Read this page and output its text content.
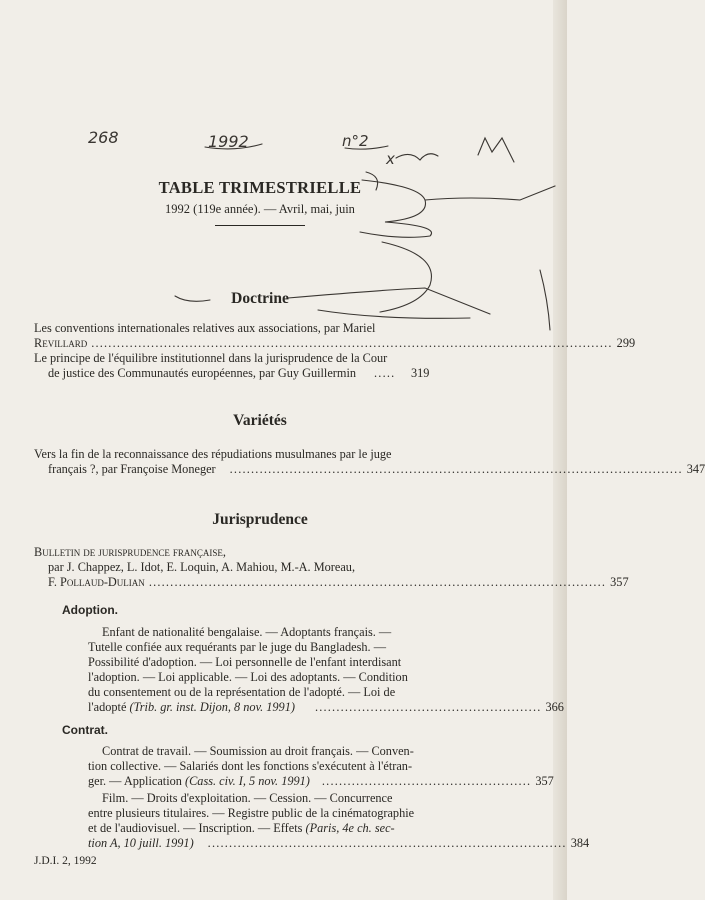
268	1992	n°2
x
TABLE TRIMESTRIELLE
1992 (119e année). — Avril, mai, juin
Doctrine
Les conventions internationales relatives aux associations, par Mariel
Revillard .......................................................................................................................... 299
Le principe de l'équilibre institutionnel dans la jurisprudence de la Cour
de justice des Communautés européennes, par Guy Guillermin .....	319
Variétés
Vers la fin de la reconnaissance des répudiations musulmanes par le juge
français ?, par Françoise Moneger .......................................................................................................... 347
Jurisprudence
Bulletin de jurisprudence française,
par J. Chappez, L. Idot, E. Loquin, A. Mahiou, M.-A. Moreau,
F. Pollaud-Dulian ........................................................................................................... 357
Adoption.
Enfant de nationalité bengalaise. — Adoptants français. —
Tutelle confiée aux requérants par le juge du Bangladesh. —
Possibilité d'adoption. — Loi personnelle de l'enfant interdisant
l'adoption. — Loi applicable. — Loi des adoptants. — Condition
du consentement ou de la représentation de l'adopté. — Loi de
l'adopté
(Trib. gr. inst. Dijon, 8 nov. 1991) ..................................................... 366
Contrat.
Contrat de travail. — Soumission au droit français. — Conven-
tion collective. — Salariés dont les fonctions s'exécutent à l'étran-
ger. — Application
(Cass. civ. I, 5 nov. 1991) ................................................. 357
Film. — Droits d'exploitation. — Cession. — Concurrence
entre plusieurs titulaires. — Registre public de la cinématographie
et de l'audiovisuel. — Inscription. — Effets
(Paris, 4e ch. sec-
tion A, 10 juill. 1991) .................................................................................... 384
J.D.I. 2, 1992
